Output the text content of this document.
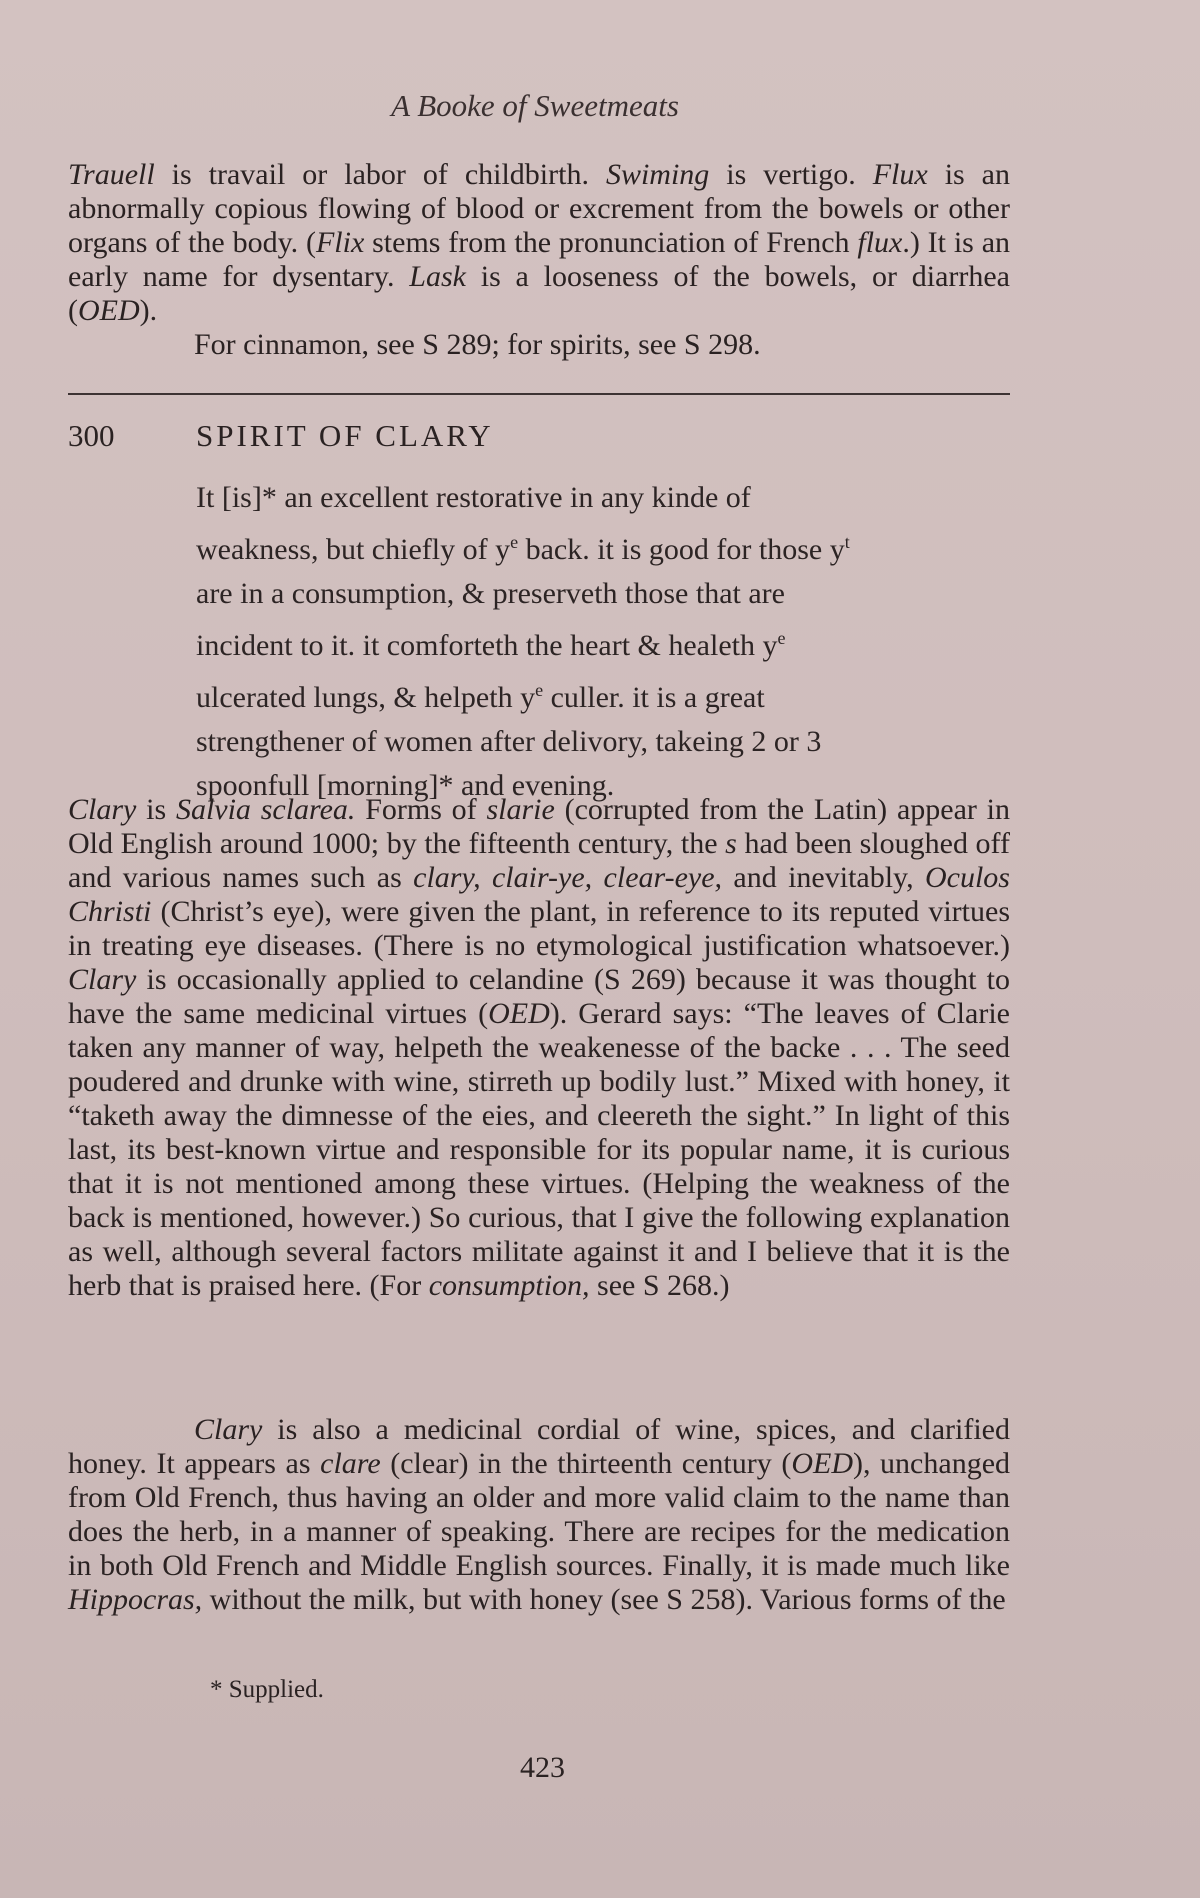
A Booke of Sweetmeats

Trauell is travail or labor of childbirth. Swiming is vertigo. Flux is an abnormally copious flowing of blood or excrement from the bowels or other organs of the body. (Flix stems from the pronunciation of French flux.) It is an early name for dysentary. Lask is a looseness of the bowels, or diarrhea (OED).

For cinnamon, see S 289; for spirits, see S 298.

300	SPIRIT OF CLARY

It [is]* an excellent restorative in any kinde of

weakness, but chiefly of $y^e$ back. it is good for those $y^t$

are in a consumption, & preserveth those that are

incident to it. it comforteth the heart & healeth $y^e$

ulcerated lungs, & helpeth $y^e$ culler. it is a great

strengthener of women after delivory, takeing 2 or 3

spoonfull [morning]* and evening.

Clary is Salvia sclarea. Forms of slarie (corrupted from the Latin) appear in Old English around 1000; by the fifteenth century, the s had been sloughed off and various names such as clary, clair-ye, clear-eye, and inevitably, Oculos Christi (Christ’s eye), were given the plant, in reference to its reputed virtues in treating eye diseases. (There is no etymological justification whatsoever.) Clary is occasionally applied to celandine (S 269) because it was thought to have the same medicinal virtues (OED). Gerard says: “The leaves of Clarie taken any manner of way, helpeth the weakenesse of the backe . . . The seed poudered and drunke with wine, stirreth up bodily lust.” Mixed with honey, it “taketh away the dimnesse of the eies, and cleereth the sight.” In light of this last, its best-known virtue and responsible for its popular name, it is curious that it is not mentioned among these virtues. (Helping the weakness of the back is mentioned, however.) So curious, that I give the following explanation as well, although several factors militate against it and I believe that it is the herb that is praised here. (For consumption, see S 268.)

Clary is also a medicinal cordial of wine, spices, and clarified honey. It appears as clare (clear) in the thirteenth century (OED), unchanged from Old French, thus having an older and more valid claim to the name than does the herb, in a manner of speaking. There are recipes for the medication in both Old French and Middle English sources. Finally, it is made much like Hippocras, without the milk, but with honey (see S 258). Various forms of the

* Supplied.
423
